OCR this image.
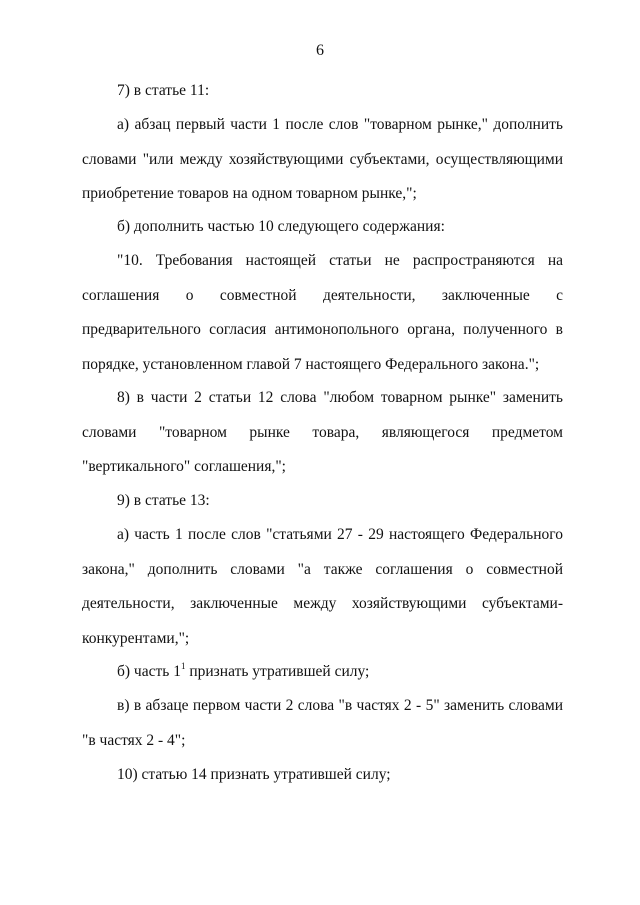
6

7) в статье 11:

а) абзац первый части 1 после слов "товарном рынке," дополнить словами "или между хозяйствующими субъектами, осуществляющими приобретение товаров на одном товарном рынке,";

б) дополнить частью 10 следующего содержания:

"10. Требования настоящей статьи не распространяются на соглашения о совместной деятельности, заключенные с предварительного согласия антимонопольного органа, полученного в порядке, установленном главой 7 настоящего Федерального закона.";

8) в части 2 статьи 12 слова "любом товарном рынке" заменить словами "товарном рынке товара, являющегося предметом "вертикального" соглашения,";

9) в статье 13:

а) часть 1 после слов "статьями 27 - 29 настоящего Федерального закона," дополнить словами "а также соглашения о совместной деятельности, заключенные между хозяйствующими субъектами-конкурентами,";

б) часть $1^1$ признать утратившей силу;

в) в абзаце первом части 2 слова "в частях 2 - 5" заменить словами "в частях 2 - 4";

10) статью 14 признать утратившей силу;
